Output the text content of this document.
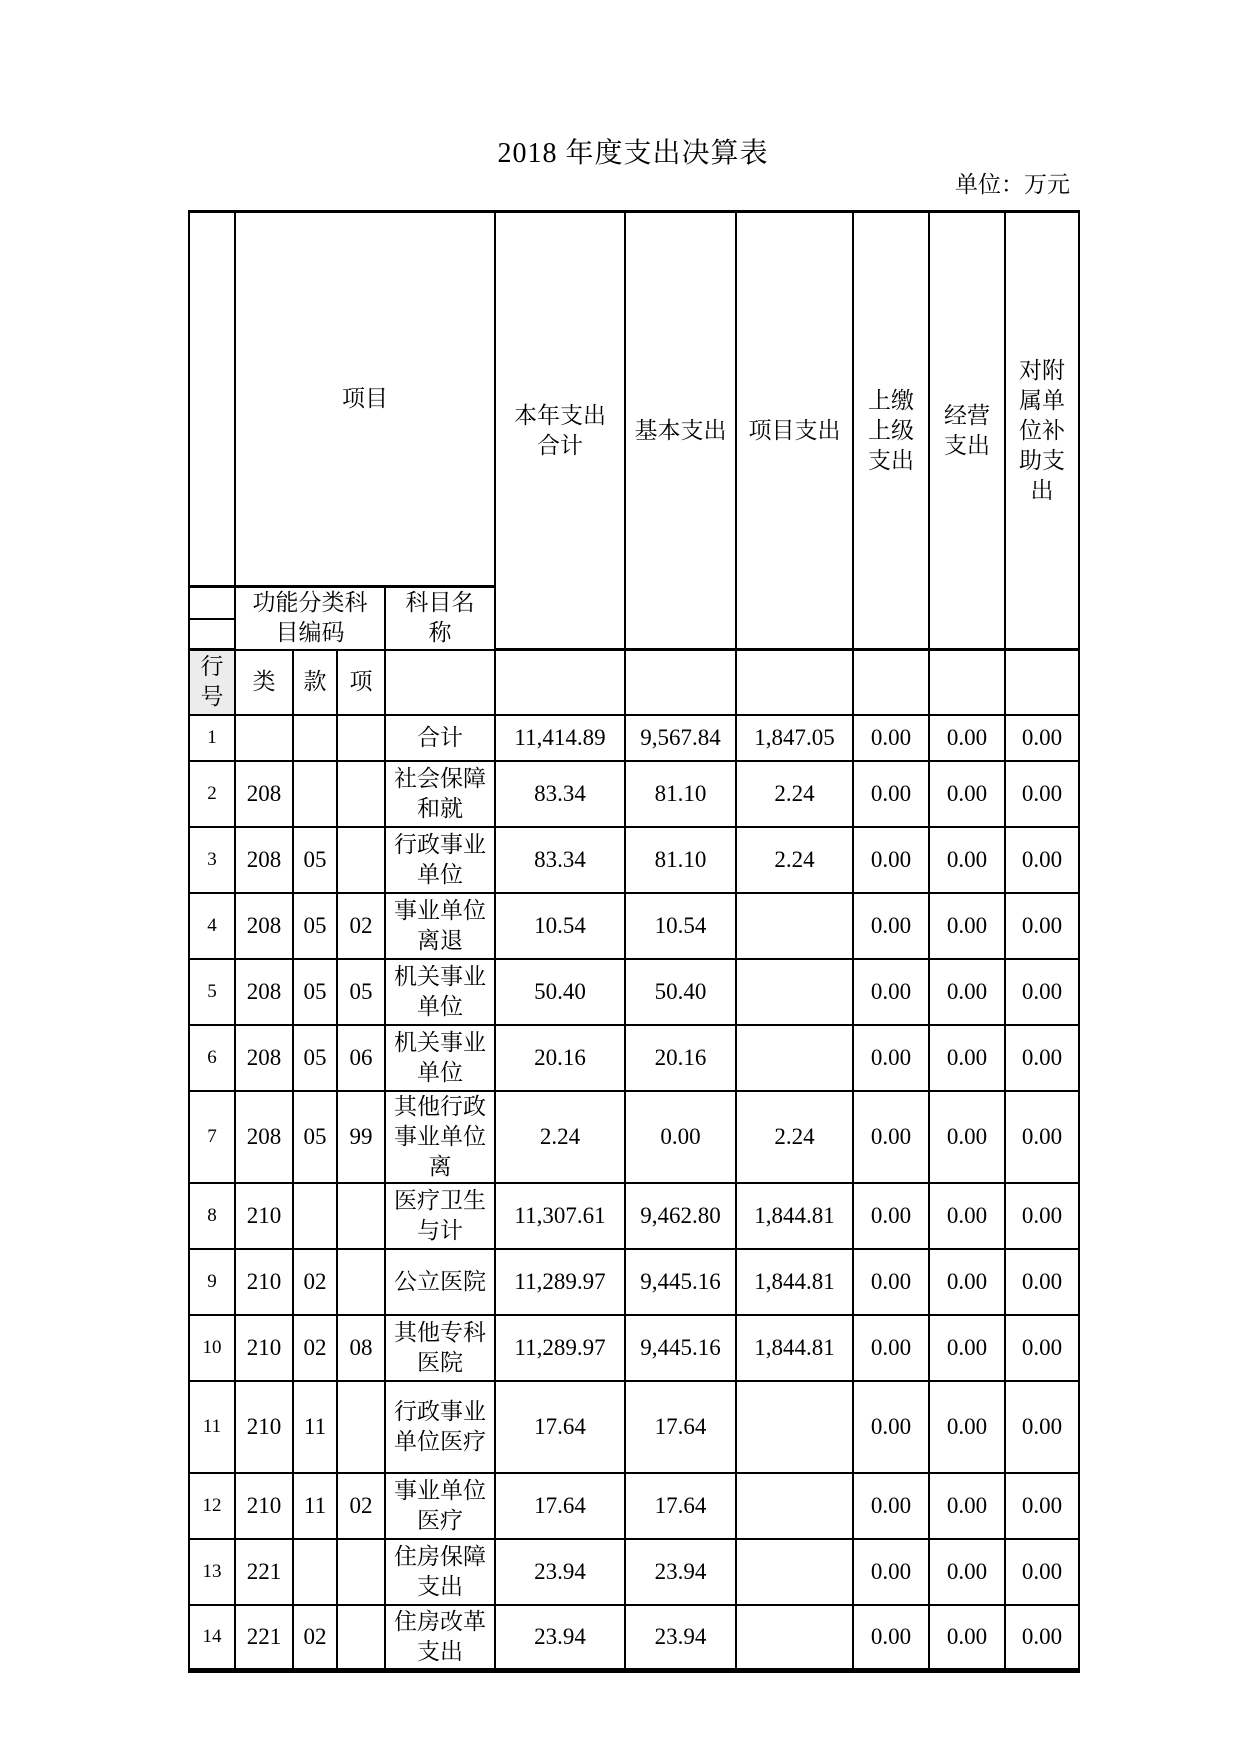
2018 年度支出决算表
单位：万元
	项目				本年支出合计	基本支出	项目支出	上缴上级支出	经营支出	对附属单位补助支出
	功能分类科目编码			科目名称						

行号	类	款	项							
1				合计	11,414.89	9,567.84	1,847.05	0.00	0.00	0.00
2	208			社会保障和就	83.34	81.10	2.24	0.00	0.00	0.00
3	208	05		行政事业单位	83.34	81.10	2.24	0.00	0.00	0.00
4	208	05	02	事业单位离退	10.54	10.54		0.00	0.00	0.00
5	208	05	05	机关事业单位	50.40	50.40		0.00	0.00	0.00
6	208	05	06	机关事业单位	20.16	20.16		0.00	0.00	0.00
7	208	05	99	其他行政事业单位离	2.24	0.00	2.24	0.00	0.00	0.00
8	210			医疗卫生与计	11,307.61	9,462.80	1,844.81	0.00	0.00	0.00
9	210	02		公立医院	11,289.97	9,445.16	1,844.81	0.00	0.00	0.00
10	210	02	08	其他专科医院	11,289.97	9,445.16	1,844.81	0.00	0.00	0.00
11	210	11		行政事业单位医疗	17.64	17.64		0.00	0.00	0.00
12	210	11	02	事业单位医疗	17.64	17.64		0.00	0.00	0.00
13	221			住房保障支出	23.94	23.94		0.00	0.00	0.00
14	221	02		住房改革支出	23.94	23.94		0.00	0.00	0.00
